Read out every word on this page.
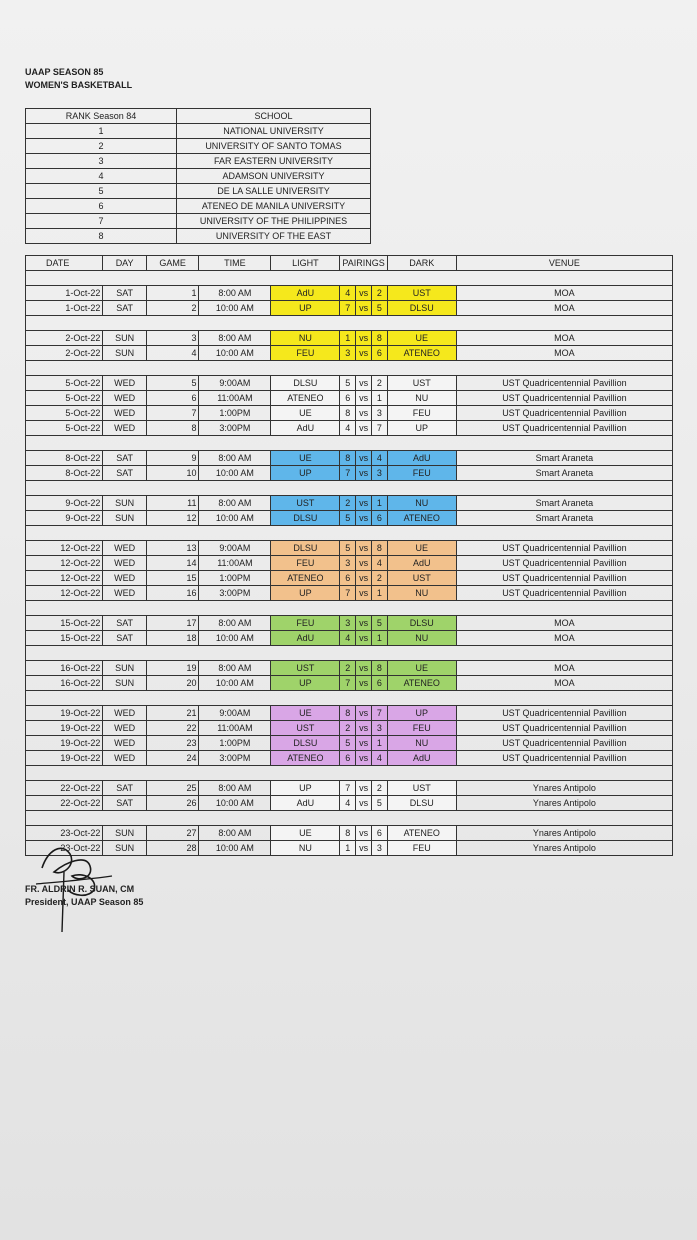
UAAP SEASON 85
WOMEN'S BASKETBALL
RANK Season 84	SCHOOL
1	NATIONAL UNIVERSITY
2	UNIVERSITY OF SANTO TOMAS
3	FAR EASTERN UNIVERSITY
4	ADAMSON UNIVERSITY
5	DE LA SALLE UNIVERSITY
6	ATENEO DE MANILA UNIVERSITY
7	UNIVERSITY OF THE PHILIPPINES
8	UNIVERSITY OF THE EAST
DATE	DAY	GAME	TIME	LIGHT	PAIRINGS			DARK	VENUE

1-Oct-22	SAT	1	8:00 AM	AdU	4	vs	2	UST	MOA
1-Oct-22	SAT	2	10:00 AM	UP	7	vs	5	DLSU	MOA

2-Oct-22	SUN	3	8:00 AM	NU	1	vs	8	UE	MOA
2-Oct-22	SUN	4	10:00 AM	FEU	3	vs	6	ATENEO	MOA

5-Oct-22	WED	5	9:00AM	DLSU	5	vs	2	UST	UST Quadricentennial Pavillion
5-Oct-22	WED	6	11:00AM	ATENEO	6	vs	1	NU	UST Quadricentennial Pavillion
5-Oct-22	WED	7	1:00PM	UE	8	vs	3	FEU	UST Quadricentennial Pavillion
5-Oct-22	WED	8	3:00PM	AdU	4	vs	7	UP	UST Quadricentennial Pavillion

8-Oct-22	SAT	9	8:00 AM	UE	8	vs	4	AdU	Smart Araneta
8-Oct-22	SAT	10	10:00 AM	UP	7	vs	3	FEU	Smart Araneta

9-Oct-22	SUN	11	8:00 AM	UST	2	vs	1	NU	Smart Araneta
9-Oct-22	SUN	12	10:00 AM	DLSU	5	vs	6	ATENEO	Smart Araneta

12-Oct-22	WED	13	9:00AM	DLSU	5	vs	8	UE	UST Quadricentennial Pavillion
12-Oct-22	WED	14	11:00AM	FEU	3	vs	4	AdU	UST Quadricentennial Pavillion
12-Oct-22	WED	15	1:00PM	ATENEO	6	vs	2	UST	UST Quadricentennial Pavillion
12-Oct-22	WED	16	3:00PM	UP	7	vs	1	NU	UST Quadricentennial Pavillion

15-Oct-22	SAT	17	8:00 AM	FEU	3	vs	5	DLSU	MOA
15-Oct-22	SAT	18	10:00 AM	AdU	4	vs	1	NU	MOA

16-Oct-22	SUN	19	8:00 AM	UST	2	vs	8	UE	MOA
16-Oct-22	SUN	20	10:00 AM	UP	7	vs	6	ATENEO	MOA

19-Oct-22	WED	21	9:00AM	UE	8	vs	7	UP	UST Quadricentennial Pavillion
19-Oct-22	WED	22	11:00AM	UST	2	vs	3	FEU	UST Quadricentennial Pavillion
19-Oct-22	WED	23	1:00PM	DLSU	5	vs	1	NU	UST Quadricentennial Pavillion
19-Oct-22	WED	24	3:00PM	ATENEO	6	vs	4	AdU	UST Quadricentennial Pavillion

22-Oct-22	SAT	25	8:00 AM	UP	7	vs	2	UST	Ynares Antipolo
22-Oct-22	SAT	26	10:00 AM	AdU	4	vs	5	DLSU	Ynares Antipolo

23-Oct-22	SUN	27	8:00 AM	UE	8	vs	6	ATENEO	Ynares Antipolo
23-Oct-22	SUN	28	10:00 AM	NU	1	vs	3	FEU	Ynares Antipolo
FR. ALDRIN R. SUAN, CM
President, UAAP Season 85
